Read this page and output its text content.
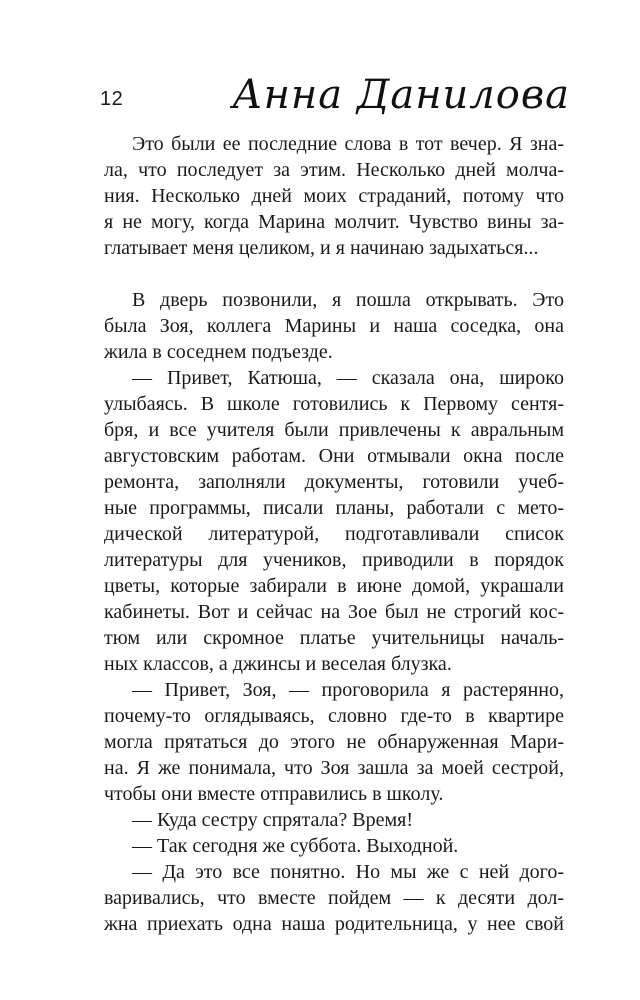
12	Анна Данилова

Это были ее последние слова в тот вечер. Я зна-
ла, что последует за этим. Несколько дней молча-
ния. Несколько дней моих страданий, потому что
я не могу, когда Марина молчит. Чувство вины за-
глатывает меня целиком, и я начинаю задыхаться...

В дверь позвонили, я пошла открывать. Это
была Зоя, коллега Марины и наша соседка, она
жила в соседнем подъезде.

— Привет, Катюша, — сказала она, широко
улыбаясь. В школе готовились к Первому сентя-
бря, и все учителя были привлечены к авральным
августовским работам. Они отмывали окна после
ремонта, заполняли документы, готовили учеб-
ные программы, писали планы, работали с мето-
дической литературой, подготавливали список
литературы для учеников, приводили в порядок
цветы, которые забирали в июне домой, украшали
кабинеты. Вот и сейчас на Зое был не строгий кос-
тюм или скромное платье учительницы началь-
ных классов, а джинсы и веселая блузка.

— Привет, Зоя, — проговорила я растерянно,
почему-то оглядываясь, словно где-то в квартире
могла прятаться до этого не обнаруженная Мари-
на. Я же понимала, что Зоя зашла за моей сестрой,
чтобы они вместе отправились в школу.

— Куда сестру спрятала? Время!

— Так сегодня же суббота. Выходной.

— Да это все понятно. Но мы же с ней дого-
варивались, что вместе пойдем — к десяти дол-
жна приехать одна наша родительница, у нее свой
